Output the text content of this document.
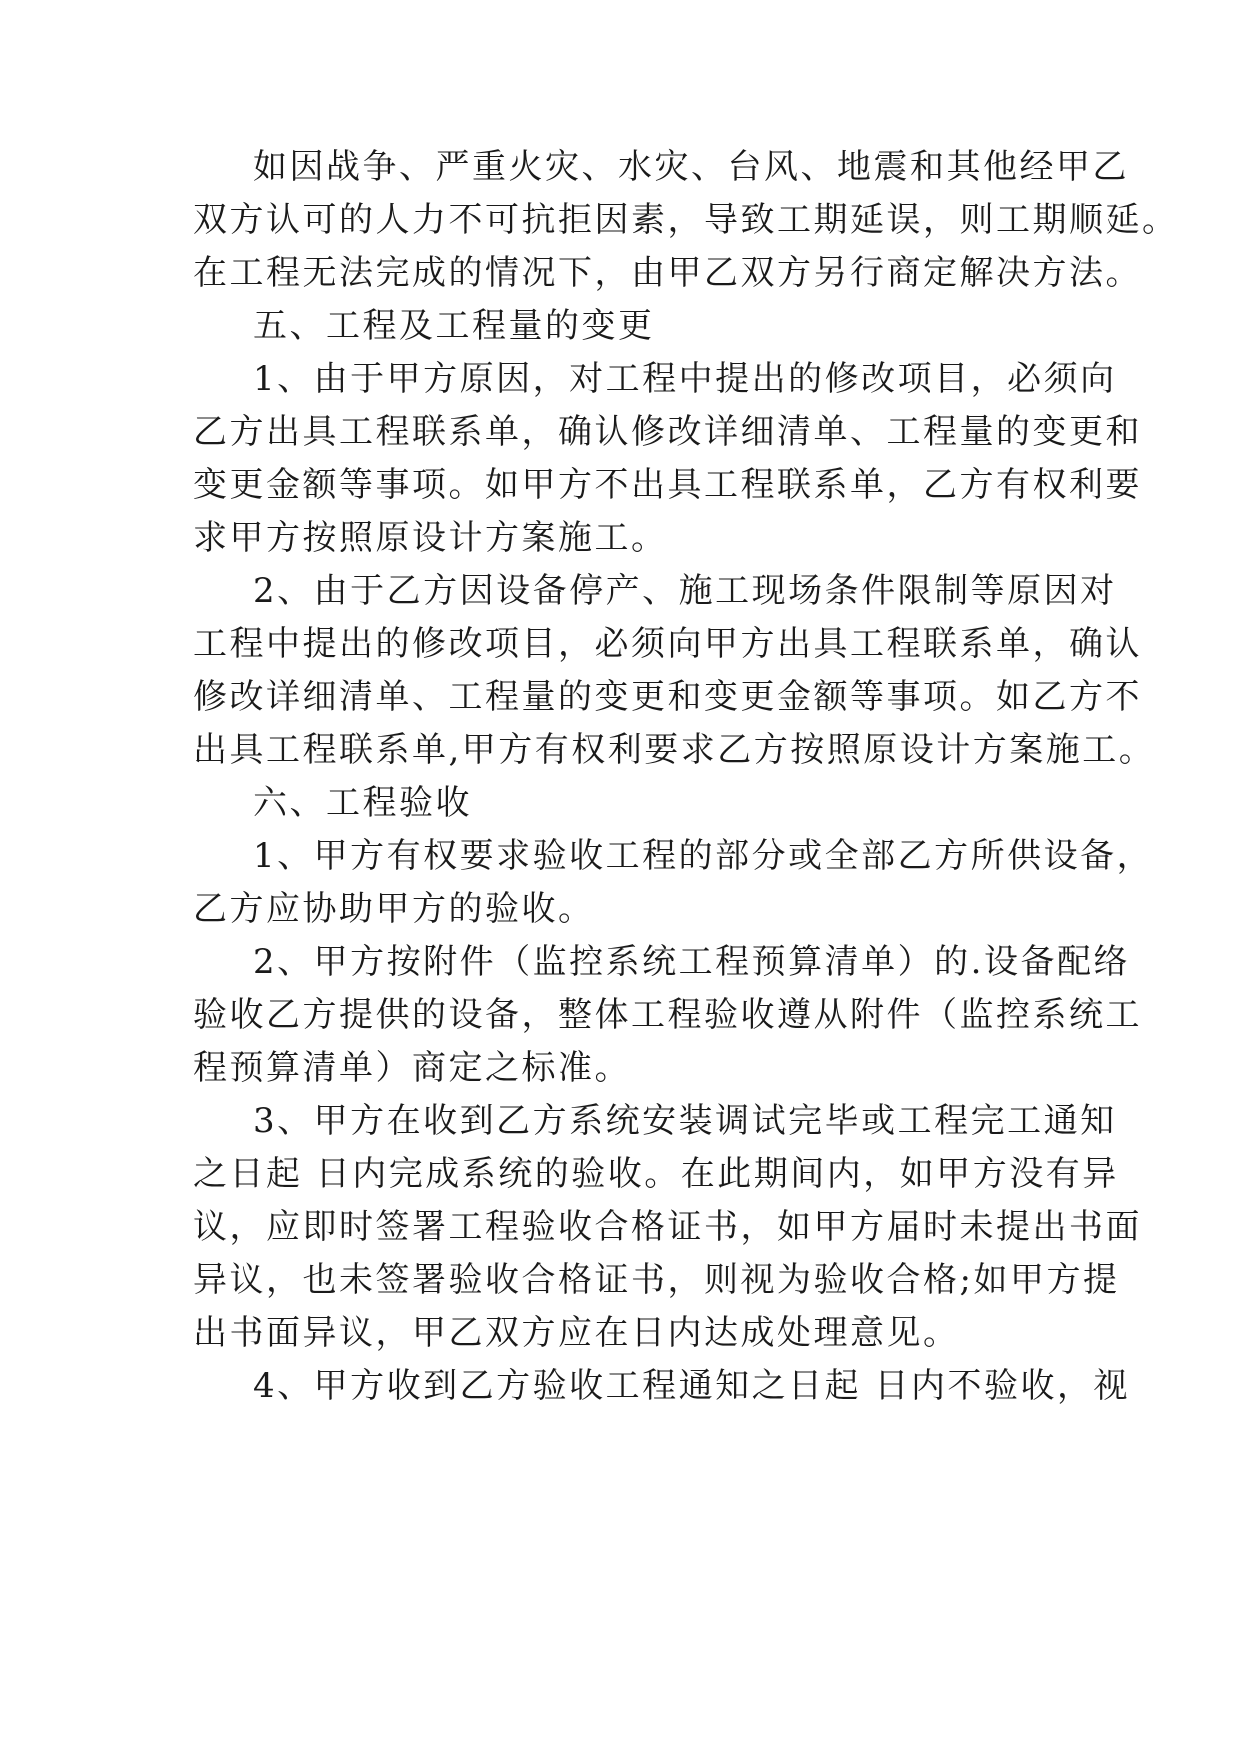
如因战争、严重火灾、水灾、台风、地震和其他经甲乙
双方认可的人力不可抗拒因素，导致工期延误，则工期顺延。
在工程无法完成的情况下，由甲乙双方另行商定解决方法。
五、工程及工程量的变更
1、由于甲方原因，对工程中提出的修改项目，必须向
乙方出具工程联系单，确认修改详细清单、工程量的变更和
变更金额等事项。如甲方不出具工程联系单，乙方有权利要
求甲方按照原设计方案施工。
2、由于乙方因设备停产、施工现场条件限制等原因对
工程中提出的修改项目，必须向甲方出具工程联系单，确认
修改详细清单、工程量的变更和变更金额等事项。如乙方不
出具工程联系单,甲方有权利要求乙方按照原设计方案施工。
六、工程验收
1、甲方有权要求验收工程的部分或全部乙方所供设备，
乙方应协助甲方的验收。
2、甲方按附件（监控系统工程预算清单）的.设备配络
验收乙方提供的设备，整体工程验收遵从附件（监控系统工
程预算清单）商定之标准。
3、甲方在收到乙方系统安装调试完毕或工程完工通知
之日起 日内完成系统的验收。在此期间内，如甲方没有异
议，应即时签署工程验收合格证书，如甲方届时未提出书面
异议，也未签署验收合格证书，则视为验收合格;如甲方提
出书面异议，甲乙双方应在日内达成处理意见。
4、甲方收到乙方验收工程通知之日起 日内不验收，视
